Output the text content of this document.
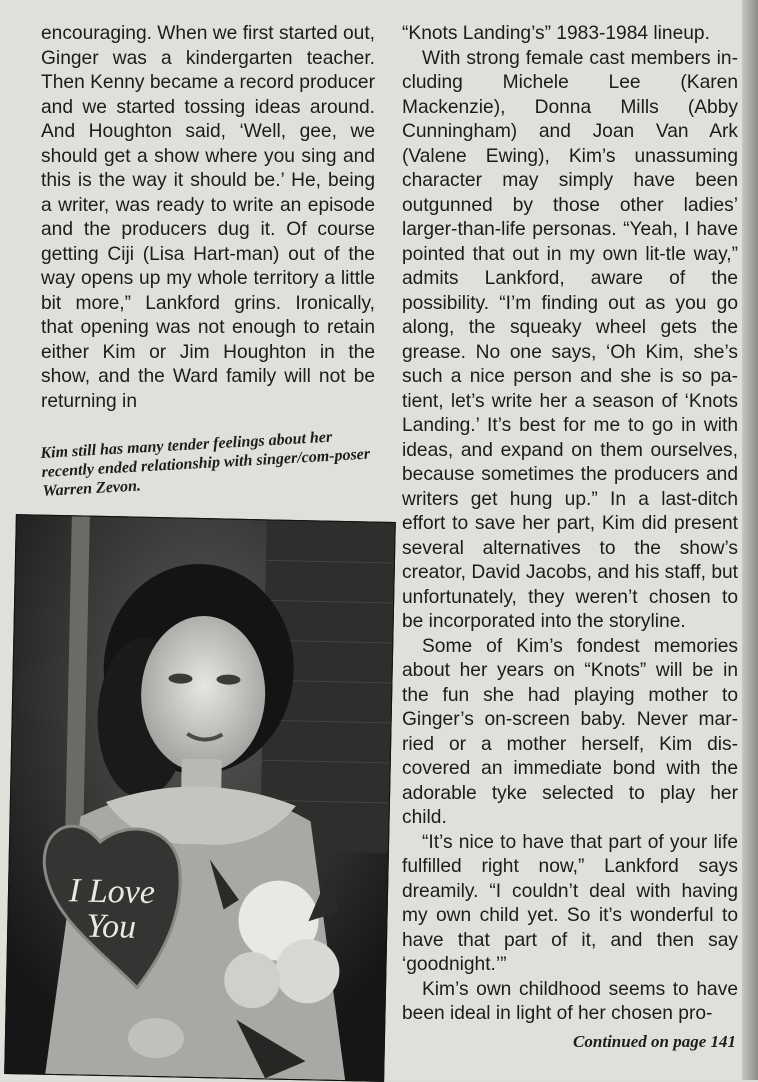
encouraging. When we first started out, Ginger was a kindergarten teacher. Then Kenny became a record producer and we started tossing ideas around. And Houghton said, ‘Well, gee, we should get a show where you sing and this is the way it should be.’ He, being a writer, was ready to write an episode and the producers dug it. Of course getting Ciji (Lisa Hart-man) out of the way opens up my whole territory a little bit more,” Lankford grins. Ironically, that opening was not enough to retain either Kim or Jim Houghton in the show, and the Ward family will not be returning in

Kim still has many tender feelings about her recently ended relationship with singer/com-poser Warren Zevon.
I Love
You

“Knots Landing’s” 1983-1984 lineup.

With strong female cast members in-cluding Michele Lee (Karen Mackenzie), Donna Mills (Abby Cunningham) and Joan Van Ark (Valene Ewing), Kim’s unassuming character may simply have been outgunned by those other ladies’ larger-than-life personas. “Yeah, I have pointed that out in my own lit-tle way,” admits Lankford, aware of the possibility. “I’m finding out as you go along, the squeaky wheel gets the grease. No one says, ‘Oh Kim, she’s such a nice person and she is so pa-tient, let’s write her a season of ‘Knots Landing.’ It’s best for me to go in with ideas, and expand on them ourselves, because sometimes the producers and writers get hung up.” In a last-ditch effort to save her part, Kim did present several alternatives to the show’s creator, David Jacobs, and his staff, but unfortunately, they weren’t chosen to be incorporated into the storyline.

Some of Kim’s fondest memories about her years on “Knots” will be in the fun she had playing mother to Ginger’s on-screen baby. Never mar-ried or a mother herself, Kim dis-covered an immediate bond with the adorable tyke selected to play her child.

“It’s nice to have that part of your life fulfilled right now,” Lankford says dreamily. “I couldn’t deal with having my own child yet. So it’s wonderful to have that part of it, and then say ‘goodnight.’”

Kim’s own childhood seems to have been ideal in light of her chosen pro-

Continued on page 141
